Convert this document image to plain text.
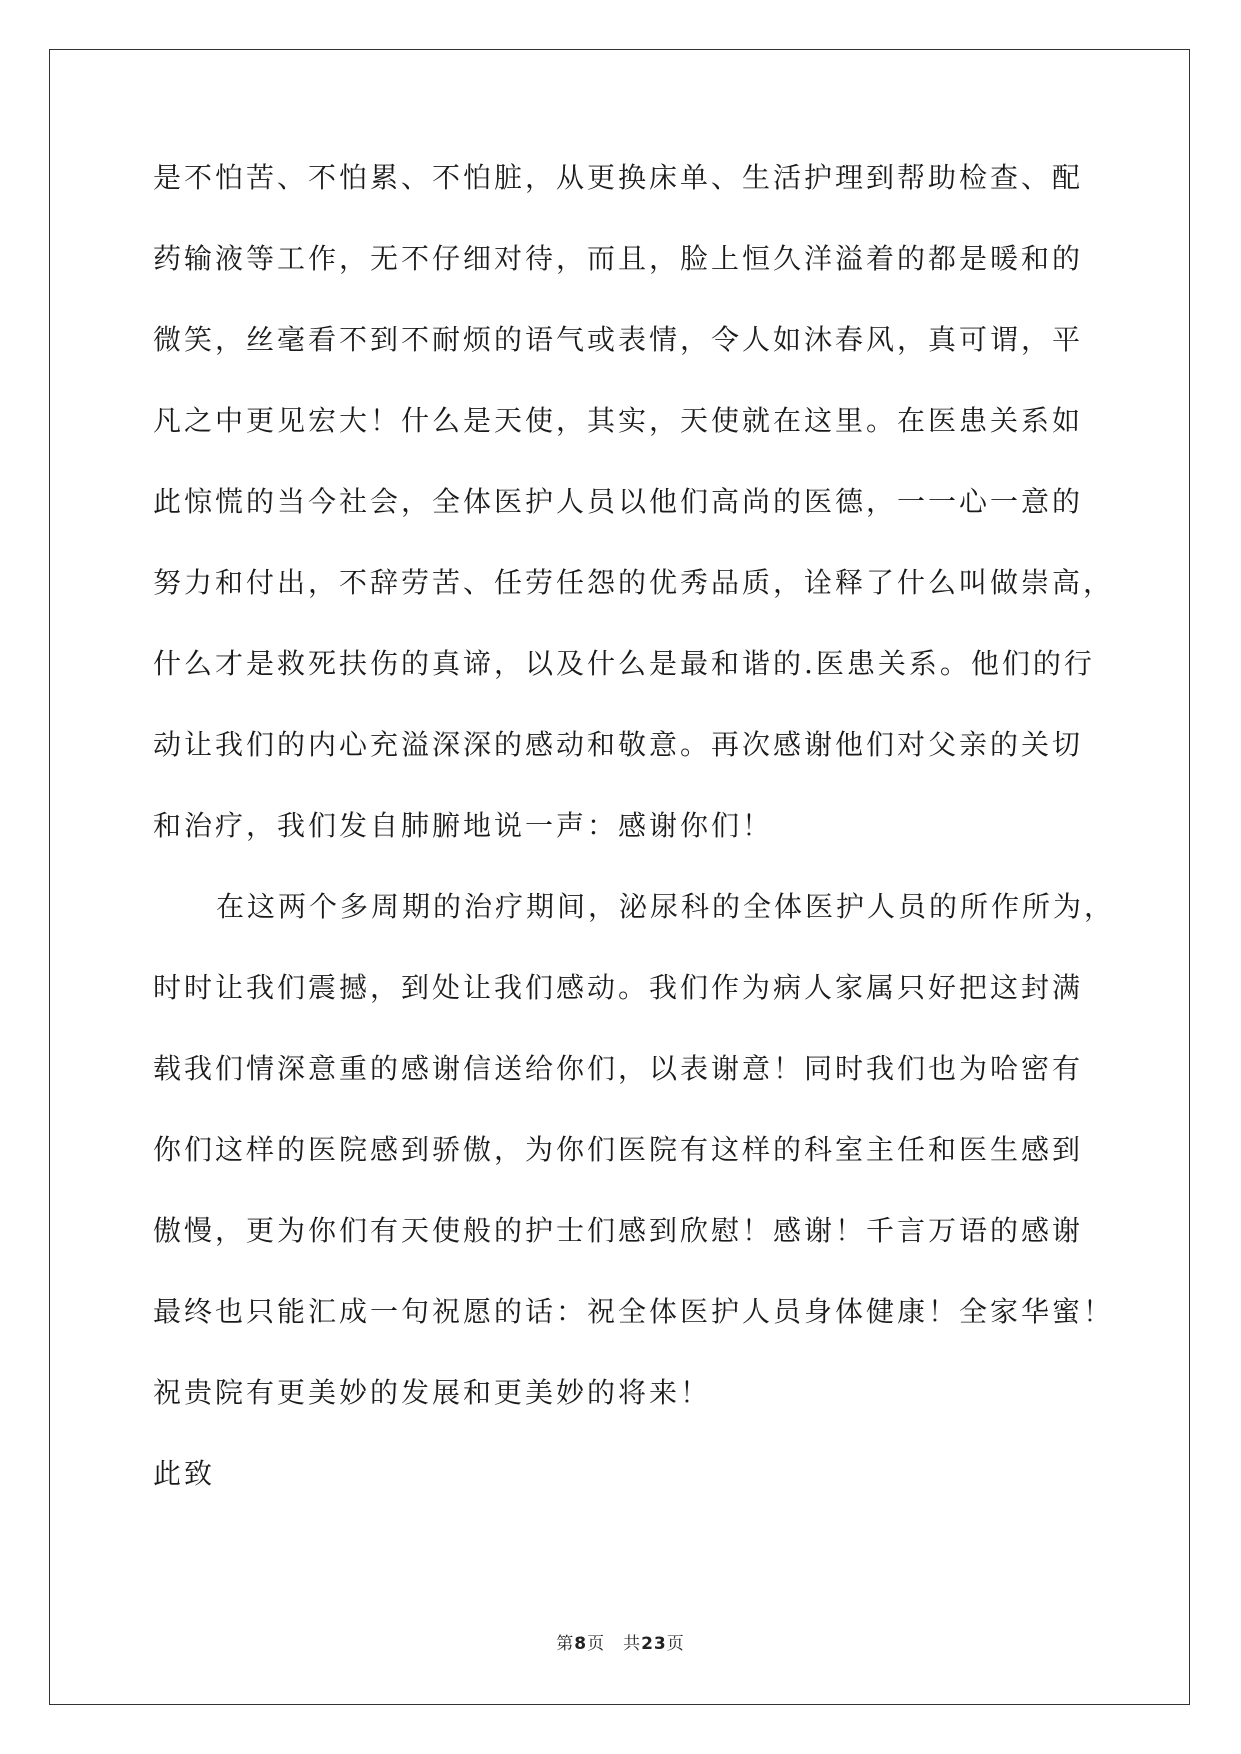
是不怕苦、不怕累、不怕脏，从更换床单、生活护理到帮助检查、配
药输液等工作，无不仔细对待，而且，脸上恒久洋溢着的都是暖和的
微笑，丝毫看不到不耐烦的语气或表情，令人如沐春风，真可谓，平
凡之中更见宏大！什么是天使，其实，天使就在这里。在医患关系如
此惊慌的当今社会，全体医护人员以他们高尚的医德，一一心一意的
努力和付出，不辞劳苦、任劳任怨的优秀品质，诠释了什么叫做崇高，
什么才是救死扶伤的真谛，以及什么是最和谐的.医患关系。他们的行
动让我们的内心充溢深深的感动和敬意。再次感谢他们对父亲的关切
和治疗，我们发自肺腑地说一声：感谢你们！
在这两个多周期的治疗期间，泌尿科的全体医护人员的所作所为，
时时让我们震撼，到处让我们感动。我们作为病人家属只好把这封满
载我们情深意重的感谢信送给你们，以表谢意！同时我们也为哈密有
你们这样的医院感到骄傲，为你们医院有这样的科室主任和医生感到
傲慢，更为你们有天使般的护士们感到欣慰！感谢！千言万语的感谢
最终也只能汇成一句祝愿的话：祝全体医护人员身体健康！全家华蜜！
祝贵院有更美妙的发展和更美妙的将来！
此致
第8页 共23页
